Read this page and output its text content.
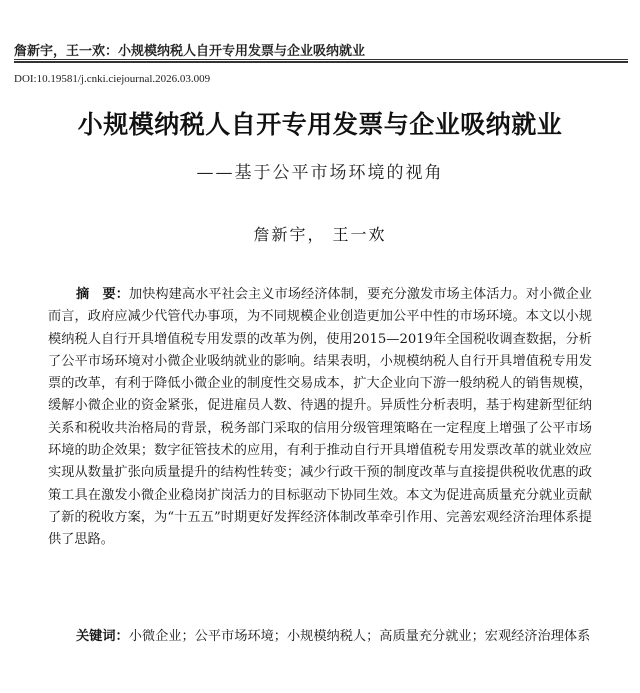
詹新宇，王一欢：小规模纳税人自开专用发票与企业吸纳就业
DOI:10.19581/j.cnki.ciejournal.2026.03.009
小规模纳税人自开专用发票与企业吸纳就业
——基于公平市场环境的视角
詹新宇， 王一欢
摘　要：加快构建高水平社会主义市场经济体制，要充分激发市场主体活力。对小微企业而言，政府应减少代管代办事项，为不同规模企业创造更加公平中性的市场环境。本文以小规模纳税人自行开具增值税专用发票的改革为例，使用2015—2019年全国税收调查数据，分析了公平市场环境对小微企业吸纳就业的影响。结果表明，小规模纳税人自行开具增值税专用发票的改革，有利于降低小微企业的制度性交易成本，扩大企业向下游一般纳税人的销售规模，缓解小微企业的资金紧张，促进雇员人数、待遇的提升。异质性分析表明，基于构建新型征纳关系和税收共治格局的背景，税务部门采取的信用分级管理策略在一定程度上增强了公平市场环境的助企效果；数字征管技术的应用，有利于推动自行开具增值税专用发票改革的就业效应实现从数量扩张向质量提升的结构性转变；减少行政干预的制度改革与直接提供税收优惠的政策工具在激发小微企业稳岗扩岗活力的目标驱动下协同生效。本文为促进高质量充分就业贡献了新的税收方案，为“十五五”时期更好发挥经济体制改革牵引作用、完善宏观经济治理体系提供了思路。
关键词：小微企业；公平市场环境；小规模纳税人；高质量充分就业；宏观经济治理体系
